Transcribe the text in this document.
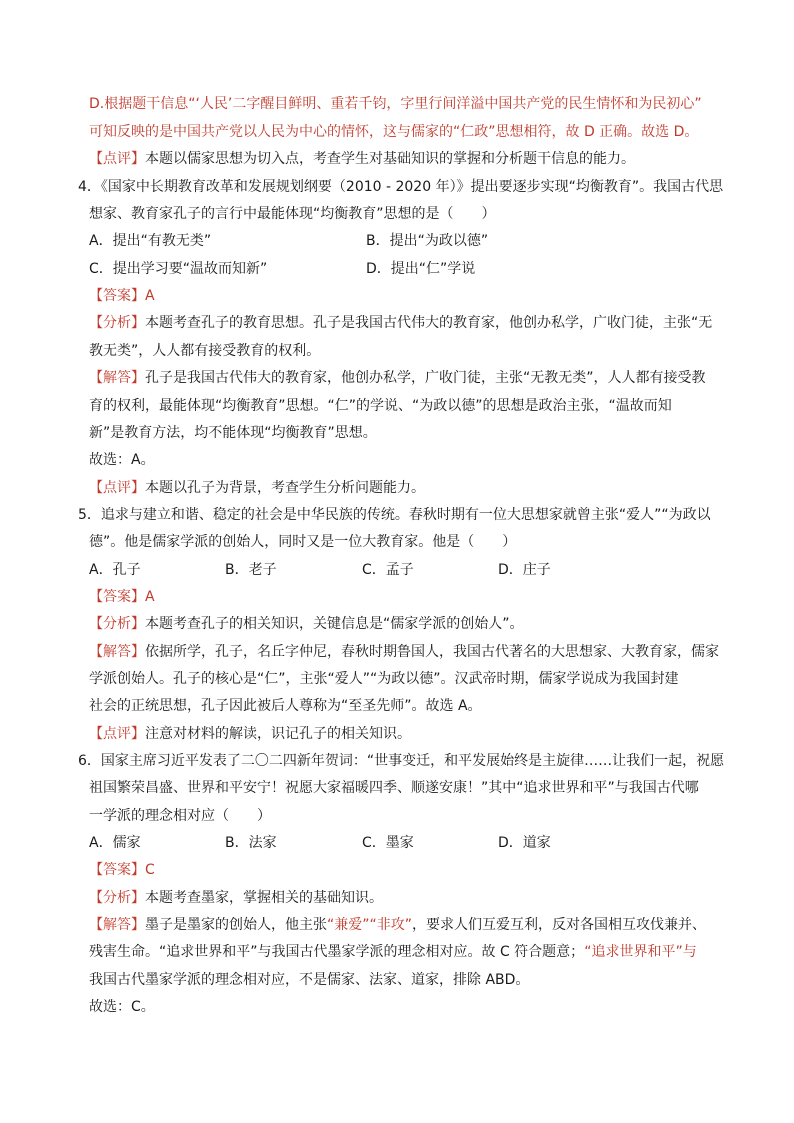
D.根据题干信息“‘人民’二字醒目鲜明、重若千钧，字里行间洋溢中国共产党的民生情怀和为民初心”
可知反映的是中国共产党以人民为中心的情怀，这与儒家的“仁政”思想相符，故 D 正确。故选 D。
【点评】本题以儒家思想为切入点，考查学生对基础知识的掌握和分析题干信息的能力。
4．《国家中长期教育改革和发展规划纲要（2010 - 2020 年）》提出要逐步实现“均衡教育”。我国古代思
想家、教育家孔子的言行中最能体现“均衡教育”思想的是（　　）
A．提出“有教无类”	B．提出“为政以德”
C．提出学习要“温故而知新”	D．提出“仁”学说
【答案】A
【分析】本题考查孔子的教育思想。孔子是我国古代伟大的教育家，他创办私学，广收门徒，主张“无
教无类”，人人都有接受教育的权利。
【解答】孔子是我国古代伟大的教育家，他创办私学，广收门徒，主张“无教无类”，人人都有接受教
育的权利，最能体现“均衡教育”思想。“仁”的学说、“为政以德”的思想是政治主张，“温故而知
新”是教育方法，均不能体现“均衡教育”思想。
故选：A。
【点评】本题以孔子为背景，考查学生分析问题能力。
5．追求与建立和谐、稳定的社会是中华民族的传统。春秋时期有一位大思想家就曾主张“爱人”“为政以
德”。他是儒家学派的创始人，同时又是一位大教育家。他是（　　）
A．孔子	B．老子	C．孟子	D．庄子
【答案】A
【分析】本题考查孔子的相关知识，关键信息是“儒家学派的创始人”。
【解答】依据所学，孔子，名丘字仲尼，春秋时期鲁国人，我国古代著名的大思想家、大教育家，儒家
学派创始人。孔子的核心是“仁”，主张“爱人”“为政以德”。汉武帝时期，儒家学说成为我国封建
社会的正统思想，孔子因此被后人尊称为“至圣先师”。故选 A。
【点评】注意对材料的解读，识记孔子的相关知识。
6．国家主席习近平发表了二〇二四新年贺词：“世事变迁，和平发展始终是主旋律……让我们一起，祝愿
祖国繁荣昌盛、世界和平安宁！祝愿大家福暖四季、顺遂安康！”其中“追求世界和平”与我国古代哪
一学派的理念相对应（　　）
A．儒家	B．法家	C．墨家	D．道家
【答案】C
【分析】本题考查墨家，掌握相关的基础知识。
【解答】墨子是墨家的创始人，他主张“兼爱”“非攻”，要求人们互爱互利，反对各国相互攻伐兼并、
残害生命。“追求世界和平”与我国古代墨家学派的理念相对应。故 C 符合题意；“追求世界和平”与
我国古代墨家学派的理念相对应，不是儒家、法家、道家，排除 ABD。
故选：C。
